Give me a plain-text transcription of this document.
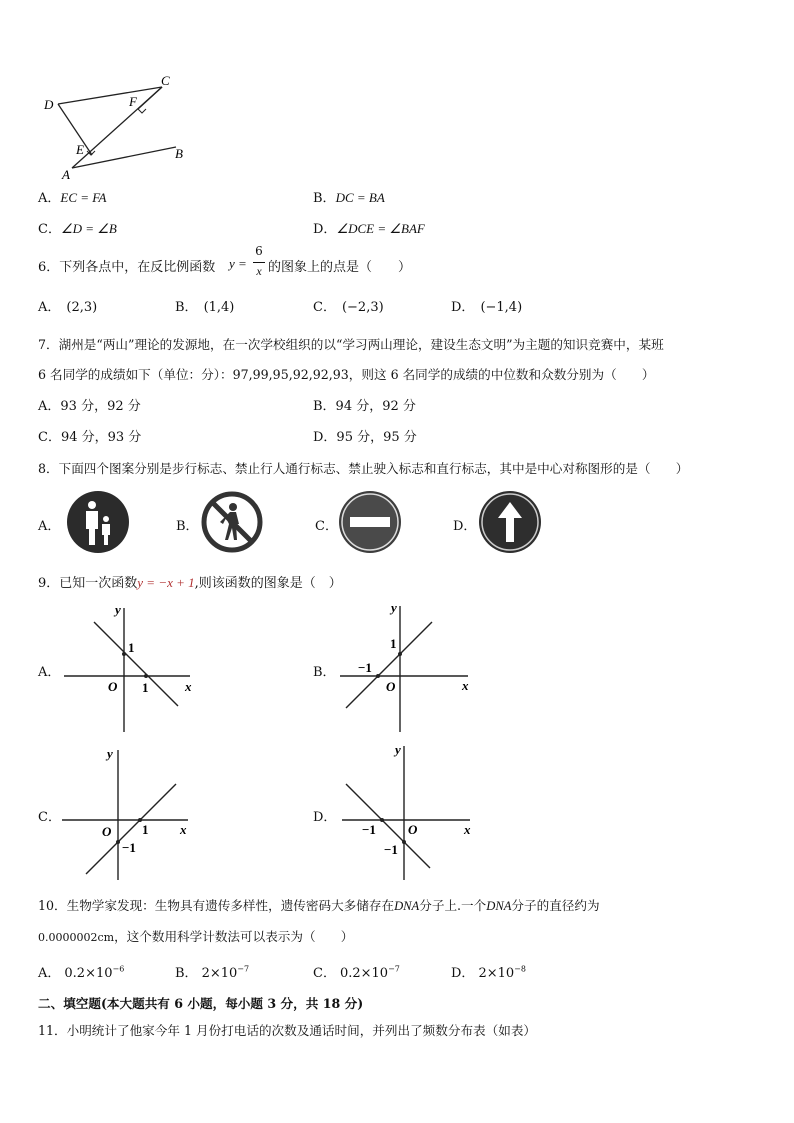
D
C
F
E	B
A
A．EC = FA	B．DC = BA
C．∠D = ∠B	D．∠DCE = ∠BAF
6．下列各点中，在反比例函数 y =
6
x 的图象上的点是（　　）
A． (2,3)	B． (1,4)	C． (−2,3)	D． (−1,4)
7．湖州是“两山”理论的发源地，在一次学校组织的以“学习两山理论，建设生态文明”为主题的知识竞赛中，某班
6 名同学的成绩如下（单位：分）：97,99,95,92,92,93，则这 6 名同学的成绩的中位数和众数分别为（　　）
A．93 分，92 分	B．94 分，92 分
C．94 分，93 分	D．95 分，95 分
8．下面四个图案分别是步行标志、禁止行人通行标志、禁止驶入标志和直行标志，其中是中心对称图形的是（　　）
A．	B．	C．	D．
9．已知一次函数y = −x + 1,则该函数的图象是（　）
A．
y
x
O
1
1
B．
y
x
O
1
−1
C．
y
x
O 1
−1
D．
y
x
O
−1
−1
10．生物学家发现：生物具有遗传多样性，遗传密码大多储存在DNA分子上.一个DNA分子的直径约为
0.0000002cm，这个数用科学计数法可以表示为（　　）
A． $0.2\times 10^{-6}$	B． $2\times 10^{-7}$	C． $0.2\times 10^{-7}$	D． $2\times 10^{-8}$
二、填空题(本大题共有 6 小题，每小题 3 分，共 18 分)
11．小明统计了他家今年 1 月份打电话的次数及通话时间，并列出了频数分布表（如表）
